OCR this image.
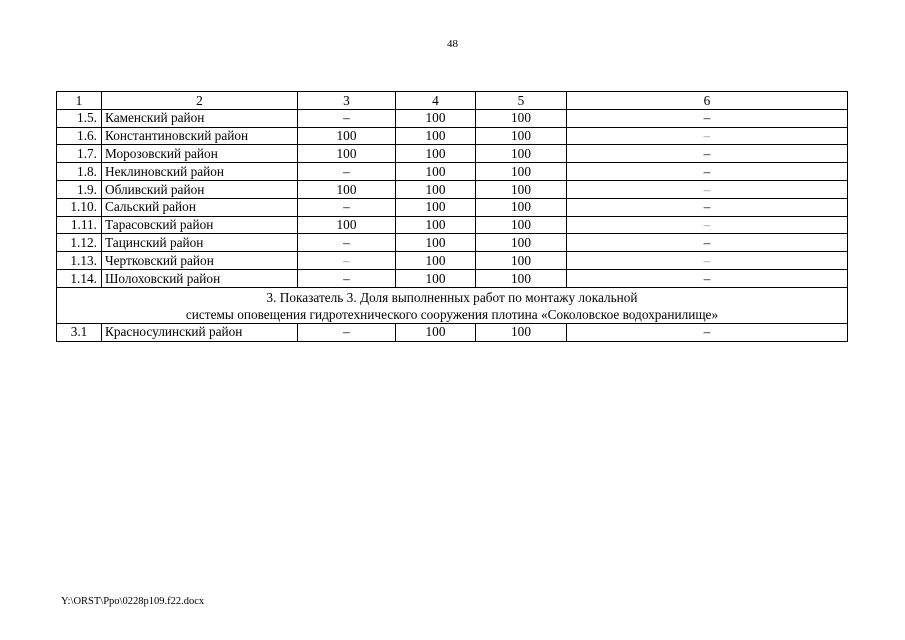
48
1	2	3	4	5	6
1.5.	Каменский район	–	100	100	–
1.6.	Константиновский район	100	100	100	–
1.7.	Морозовский район	100	100	100	–
1.8.	Неклиновский район	–	100	100	–
1.9.	Обливский район	100	100	100	–
1.10.	Сальский район	–	100	100	–
1.11.	Тарасовский район	100	100	100	–
1.12.	Тацинский район	–	100	100	–
1.13.	Чертковский район	–	100	100	–
1.14.	Шолоховский район	–	100	100	–
3. Показатель 3. Доля выполненных работ по монтажу локальной
системы оповещения гидротехнического сооружения плотина «Соколовское водохранилище»					
3.1	Красносулинский район	–	100	100	–
Y:\ORST\Ppo\0228p109.f22.docx
